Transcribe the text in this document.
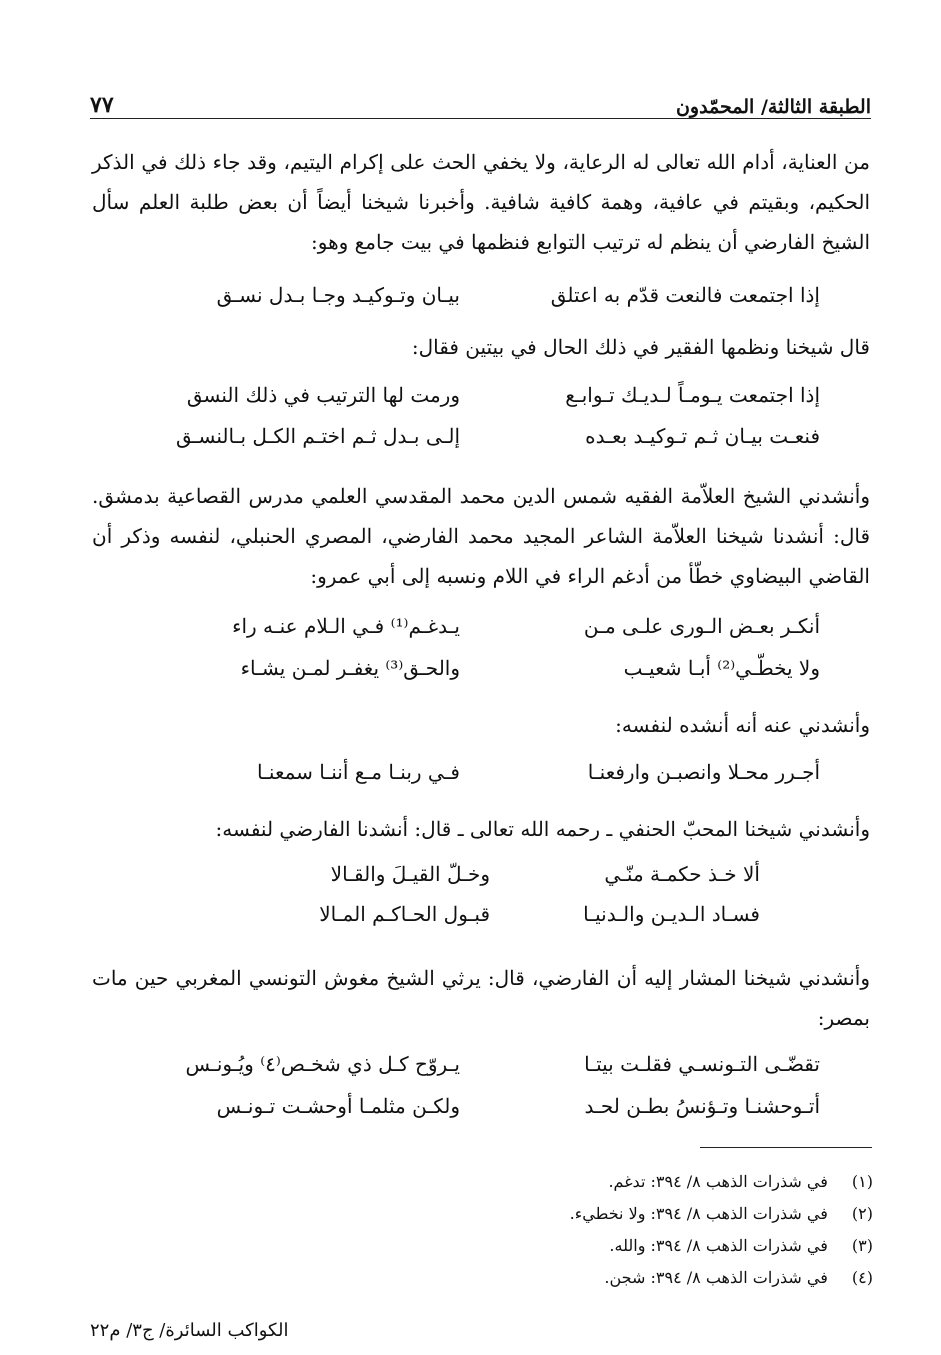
٧٧	الطبقة الثالثة/ المحمّدون
من العناية، أدام الله تعالى له الرعاية، ولا يخفي الحث على إكرام اليتيم، وقد جاء ذلك في الذكر الحكيم، وبقيتم في عافية، وهمة كافية شافية. وأخبرنا شيخنا أيضاً أن بعض طلبة العلم سأل الشيخ الفارضي أن ينظم له ترتيب التوابع فنظمها في بيت جامع وهو:
إذا اجتمعت فالنعت قدّم به اعتلق
بيـان وتـوكيـد وجـا بـدل نسـق
قال شيخنا ونظمها الفقير في ذلك الحال في بيتين فقال:
إذا اجتمعت يـومـاً لـديـك تـوابـع
ورمت لها الترتيب في ذلك النسق
فنعـت بيـان ثـم تـوكيـد بعـده
إلـى بـدل ثـم اختـم الكـل بـالنسـق
وأنشدني الشيخ العلاّمة الفقيه شمس الدين محمد المقدسي العلمي مدرس القصاعية بدمشق. قال: أنشدنا شيخنا العلاّمة الشاعر المجيد محمد الفارضي، المصري الحنبلي، لنفسه وذكر أن القاضي البيضاوي خطّأ من أدغم الراء في اللام ونسبه إلى أبي عمرو:
أنكـر بعـض الـورى علـى مـن
يـدغـم⁽¹⁾ فـي الـلام عنـه راء
ولا يخطّـي⁽²⁾ أبـا شعيـب
والحـق⁽³⁾ يغفـر لمـن يشـاء
وأنشدني عنه أنه أنشده لنفسه:
أجـرر محـلا وانصبـن وارفعنـا
فـي ربنـا مـع أننـا سمعنـا
وأنشدني شيخنا المحبّ الحنفي ـ رحمه الله تعالى ـ قال: أنشدنا الفارضي لنفسه:
ألا خـذ حكمـة منّـي
وخـلّ القيـلَ والقـالا
فسـاد الـديـن والـدنيـا
قبـول الحـاكـم المـالا
وأنشدني شيخنا المشار إليه أن الفارضي، قال: يرثي الشيخ مغوش التونسي المغربي حين مات بمصر:
تقضّـى التـونسـي فقلـت بيتـا
يـروّح كـل ذي شخـص⁽٤⁾ ويُـونـس
أتـوحشنـا وتـؤنسُ بطـن لحـد
ولكـن مثلمـا أوحشـت تـونـس
(١) في شذرات الذهب ٨/ ٣٩٤: تدغم.
(٢) في شذرات الذهب ٨/ ٣٩٤: ولا نخطيء.
(٣) في شذرات الذهب ٨/ ٣٩٤: والله.
(٤) في شذرات الذهب ٨/ ٣٩٤: شجن.
الكواكب السائرة/ ج٣/ م٢٢
